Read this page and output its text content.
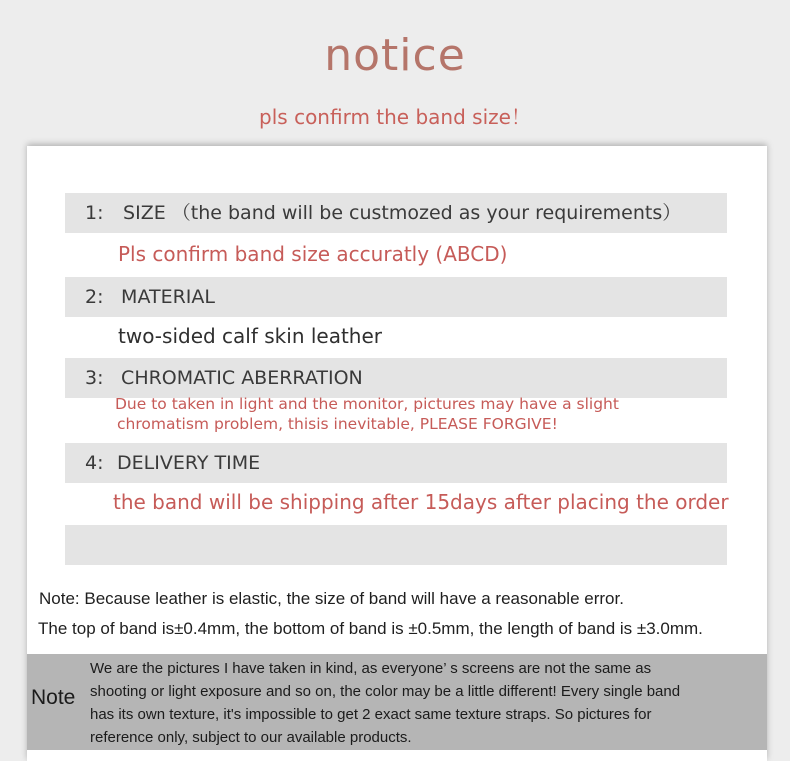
notice
pls confirm the band size！
1: SIZE （the band will be custmozed as your requirements）
Pls confirm band size accuratly (ABCD)
2: MATERIAL
two-sided calf skin leather
3: CHROMATIC ABERRATION
Due to taken in light and the monitor, pictures may have a slight
chromatism problem, thisis inevitable, PLEASE FORGIVE!
4: DELIVERY TIME
the band will be shipping after 15days after placing the order
Note: Because leather is elastic, the size of band will have a reasonable error.
The top of band is±0.4mm, the bottom of band is ±0.5mm, the length of band is ±3.0mm.
Note
We are the pictures I have taken in kind, as everyone’ s screens are not the same as
shooting or light exposure and so on, the color may be a little different! Every single band
has its own texture, it's impossible to get 2 exact same texture straps. So pictures for
reference only, subject to our available products.
